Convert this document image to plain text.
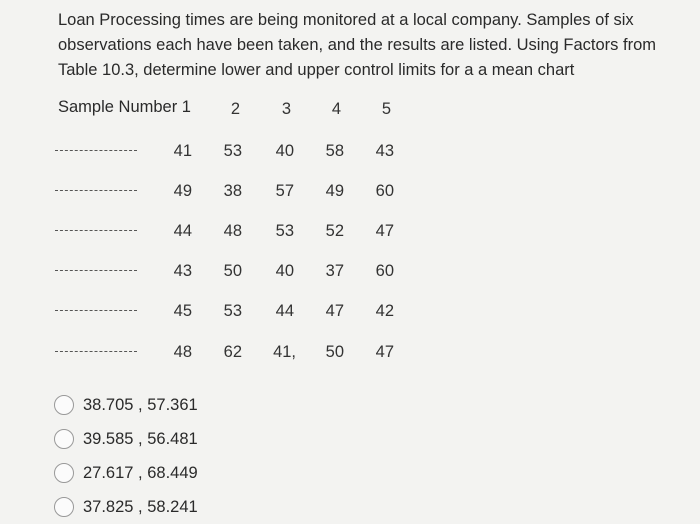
Loan Processing times are being monitored at a local company. Samples of six
observations each have been taken, and the results are listed. Using Factors from
Table 10.3, determine lower and upper control limits for a a mean chart
Sample Number 1	2	3	4	5
41	53	40	58	43
49	38	57	49	60
44	48	53	52	47
43	50	40	37	60
45	53	44	47	42
48	62	41,	50	47
38.705 , 57.361
39.585 , 56.481
27.617 , 68.449
37.825 , 58.241
